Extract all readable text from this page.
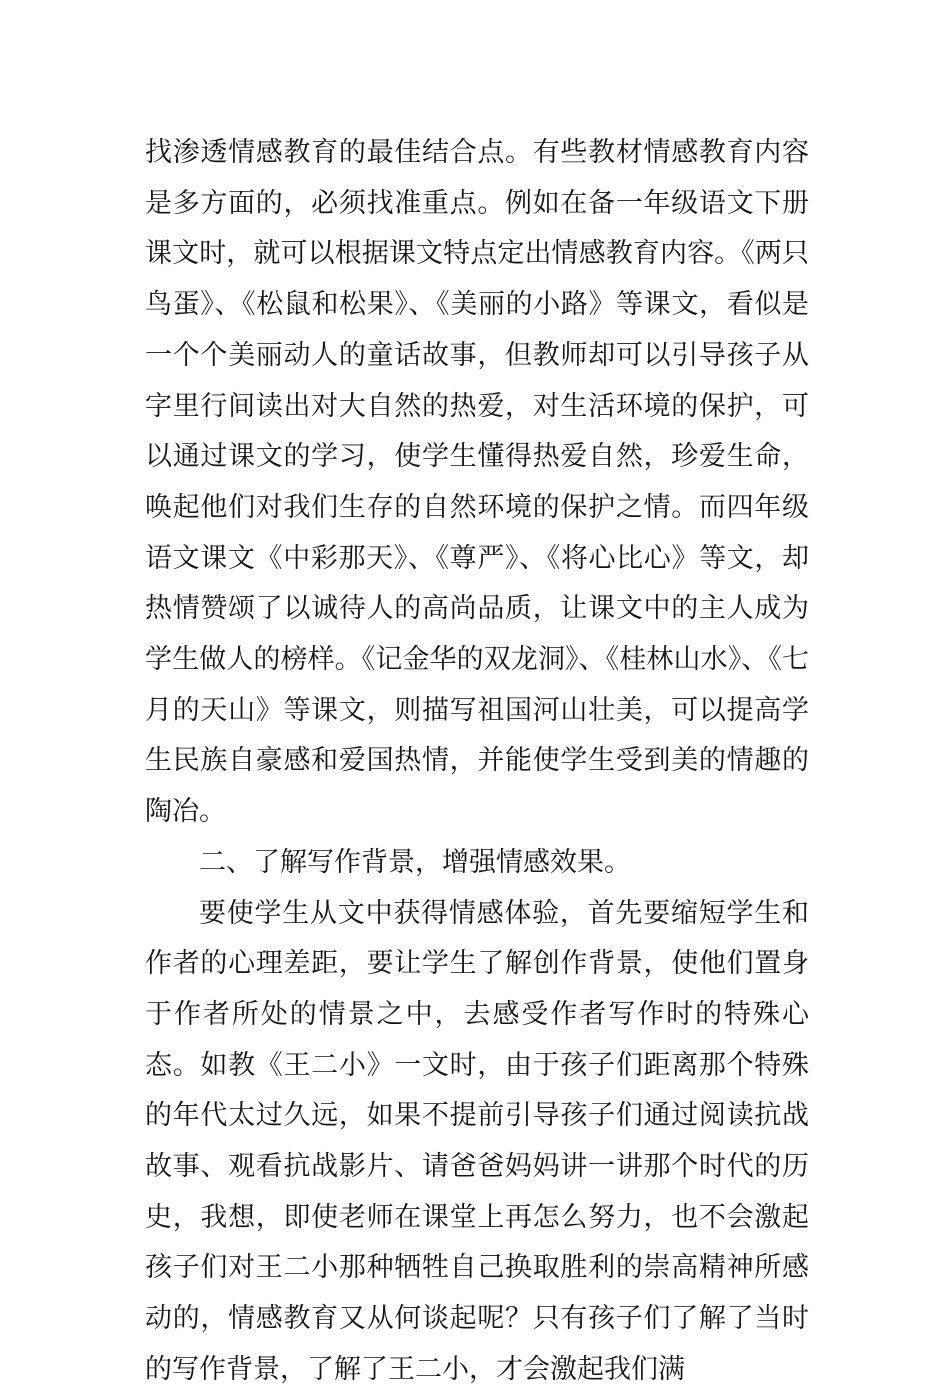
找渗透情感教育的最佳结合点。有些教材情感教育内容是多方面的，必须找准重点。例如在备一年级语文下册课文时，就可以根据课文特点定出情感教育内容。《两只鸟蛋》、《松鼠和松果》、《美丽的小路》等课文，看似是一个个美丽动人的童话故事，但教师却可以引导孩子从字里行间读出对大自然的热爱，对生活环境的保护，可以通过课文的学习，使学生懂得热爱自然，珍爱生命，唤起他们对我们生存的自然环境的保护之情。而四年级语文课文《中彩那天》、《尊严》、《将心比心》等文，却热情赞颂了以诚待人的高尚品质，让课文中的主人成为学生做人的榜样。《记金华的双龙洞》、《桂林山水》、《七月的天山》等课文，则描写祖国河山壮美，可以提高学生民族自豪感和爱国热情，并能使学生受到美的情趣的陶冶。

二、了解写作背景，增强情感效果。

要使学生从文中获得情感体验，首先要缩短学生和作者的心理差距，要让学生了解创作背景，使他们置身于作者所处的情景之中，去感受作者写作时的特殊心态。如教《王二小》一文时，由于孩子们距离那个特殊的年代太过久远，如果不提前引导孩子们通过阅读抗战故事、观看抗战影片、请爸爸妈妈讲一讲那个时代的历史，我想，即使老师在课堂上再怎么努力，也不会激起孩子们对王二小那种牺牲自己换取胜利的崇高精神所感动的，情感教育又从何谈起呢？只有孩子们了解了当时的写作背景，了解了王二小，才会激起我们满
